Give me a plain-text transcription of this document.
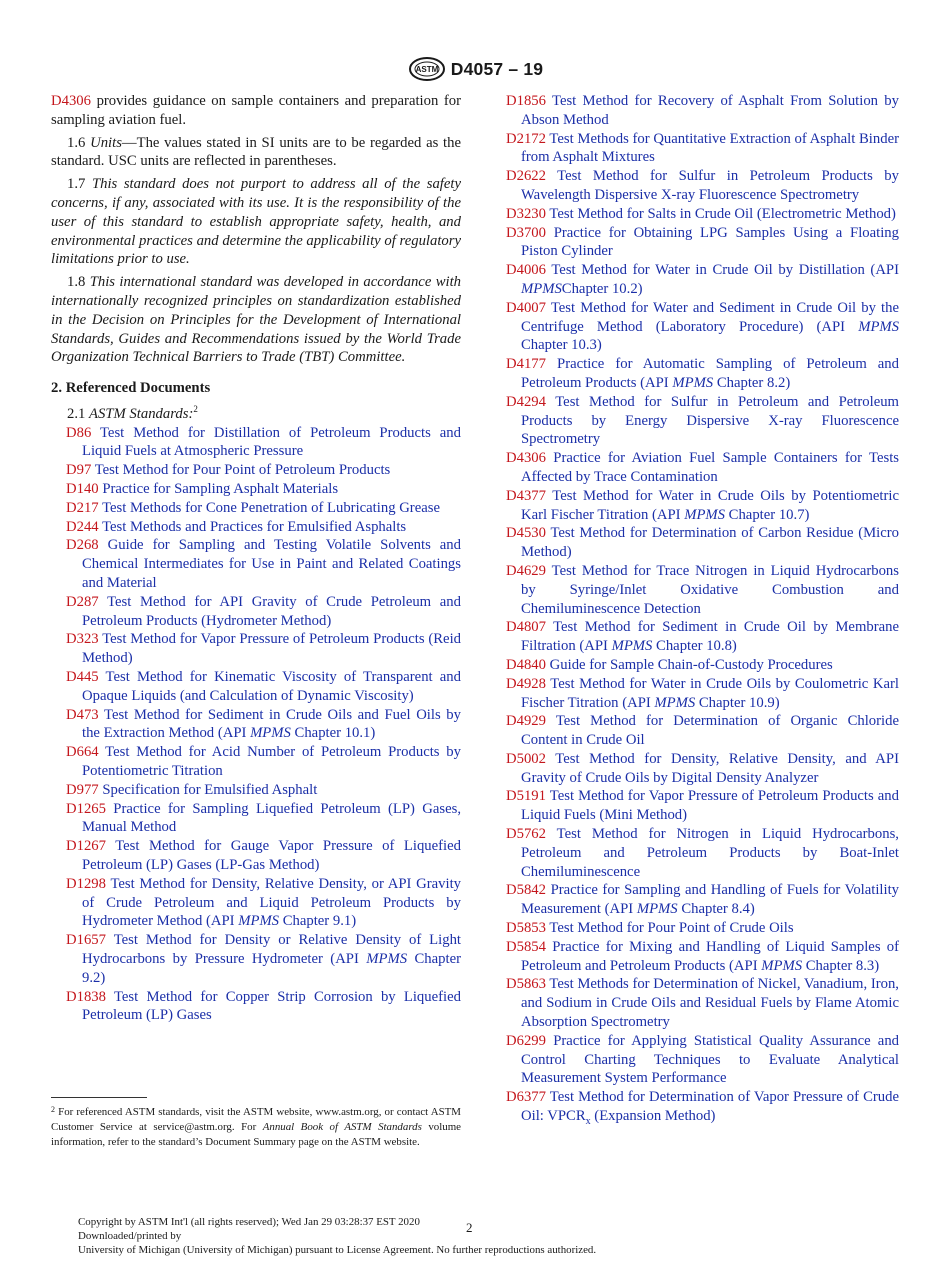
ASTM D4057 – 19

D4306 provides guidance on sample containers and preparation for sampling aviation fuel.

1.6 Units—The values stated in SI units are to be regarded as the standard. USC units are reflected in parentheses.

1.7 This standard does not purport to address all of the safety concerns, if any, associated with its use. It is the responsibility of the user of this standard to establish appropriate safety, health, and environmental practices and determine the applicability of regulatory limitations prior to use.

1.8 This international standard was developed in accordance with internationally recognized principles on standardization established in the Decision on Principles for the Development of International Standards, Guides and Recommendations issued by the World Trade Organization Technical Barriers to Trade (TBT) Committee.

2. Referenced Documents

2.1 ASTM Standards:$^2$

D86 Test Method for Distillation of Petroleum Products and Liquid Fuels at Atmospheric Pressure

D97 Test Method for Pour Point of Petroleum Products

D140 Practice for Sampling Asphalt Materials

D217 Test Methods for Cone Penetration of Lubricating Grease

D244 Test Methods and Practices for Emulsified Asphalts

D268 Guide for Sampling and Testing Volatile Solvents and Chemical Intermediates for Use in Paint and Related Coatings and Material

D287 Test Method for API Gravity of Crude Petroleum and Petroleum Products (Hydrometer Method)

D323 Test Method for Vapor Pressure of Petroleum Products (Reid Method)

D445 Test Method for Kinematic Viscosity of Transparent and Opaque Liquids (and Calculation of Dynamic Viscosity)

D473 Test Method for Sediment in Crude Oils and Fuel Oils by the Extraction Method (API MPMS Chapter 10.1)

D664 Test Method for Acid Number of Petroleum Products by Potentiometric Titration

D977 Specification for Emulsified Asphalt

D1265 Practice for Sampling Liquefied Petroleum (LP) Gases, Manual Method

D1267 Test Method for Gauge Vapor Pressure of Liquefied Petroleum (LP) Gases (LP-Gas Method)

D1298 Test Method for Density, Relative Density, or API Gravity of Crude Petroleum and Liquid Petroleum Products by Hydrometer Method (API MPMS Chapter 9.1)

D1657 Test Method for Density or Relative Density of Light Hydrocarbons by Pressure Hydrometer (API MPMS Chapter 9.2)

D1838 Test Method for Copper Strip Corrosion by Liquefied Petroleum (LP) Gases

D1856 Test Method for Recovery of Asphalt From Solution by Abson Method

D2172 Test Methods for Quantitative Extraction of Asphalt Binder from Asphalt Mixtures

D2622 Test Method for Sulfur in Petroleum Products by Wavelength Dispersive X-ray Fluorescence Spectrometry

D3230 Test Method for Salts in Crude Oil (Electrometric Method)

D3700 Practice for Obtaining LPG Samples Using a Floating Piston Cylinder

D4006 Test Method for Water in Crude Oil by Distillation (API MPMSChapter 10.2)

D4007 Test Method for Water and Sediment in Crude Oil by the Centrifuge Method (Laboratory Procedure) (API MPMS Chapter 10.3)

D4177 Practice for Automatic Sampling of Petroleum and Petroleum Products (API MPMS Chapter 8.2)

D4294 Test Method for Sulfur in Petroleum and Petroleum Products by Energy Dispersive X-ray Fluorescence Spectrometry

D4306 Practice for Aviation Fuel Sample Containers for Tests Affected by Trace Contamination

D4377 Test Method for Water in Crude Oils by Potentiometric Karl Fischer Titration (API MPMS Chapter 10.7)

D4530 Test Method for Determination of Carbon Residue (Micro Method)

D4629 Test Method for Trace Nitrogen in Liquid Hydrocarbons by Syringe/Inlet Oxidative Combustion and Chemiluminescence Detection

D4807 Test Method for Sediment in Crude Oil by Membrane Filtration (API MPMS Chapter 10.8)

D4840 Guide for Sample Chain-of-Custody Procedures

D4928 Test Method for Water in Crude Oils by Coulometric Karl Fischer Titration (API MPMS Chapter 10.9)

D4929 Test Method for Determination of Organic Chloride Content in Crude Oil

D5002 Test Method for Density, Relative Density, and API Gravity of Crude Oils by Digital Density Analyzer

D5191 Test Method for Vapor Pressure of Petroleum Products and Liquid Fuels (Mini Method)

D5762 Test Method for Nitrogen in Liquid Hydrocarbons, Petroleum and Petroleum Products by Boat-Inlet Chemiluminescence

D5842 Practice for Sampling and Handling of Fuels for Volatility Measurement (API MPMS Chapter 8.4)

D5853 Test Method for Pour Point of Crude Oils

D5854 Practice for Mixing and Handling of Liquid Samples of Petroleum and Petroleum Products (API MPMS Chapter 8.3)

D5863 Test Methods for Determination of Nickel, Vanadium, Iron, and Sodium in Crude Oils and Residual Fuels by Flame Atomic Absorption Spectrometry

D6299 Practice for Applying Statistical Quality Assurance and Control Charting Techniques to Evaluate Analytical Measurement System Performance

D6377 Test Method for Determination of Vapor Pressure of Crude Oil: $VPCR_x$ (Expansion Method)

$^2$ For referenced ASTM standards, visit the ASTM website, www.astm.org, or contact ASTM Customer Service at service@astm.org. For Annual Book of ASTM Standards volume information, refer to the standard’s Document Summary page on the ASTM website.
2
Copyright by ASTM Int'l (all rights reserved); Wed Jan 29 03:28:37 EST 2020
Downloaded/printed by
University of Michigan (University of Michigan) pursuant to License Agreement. No further reproductions authorized.
